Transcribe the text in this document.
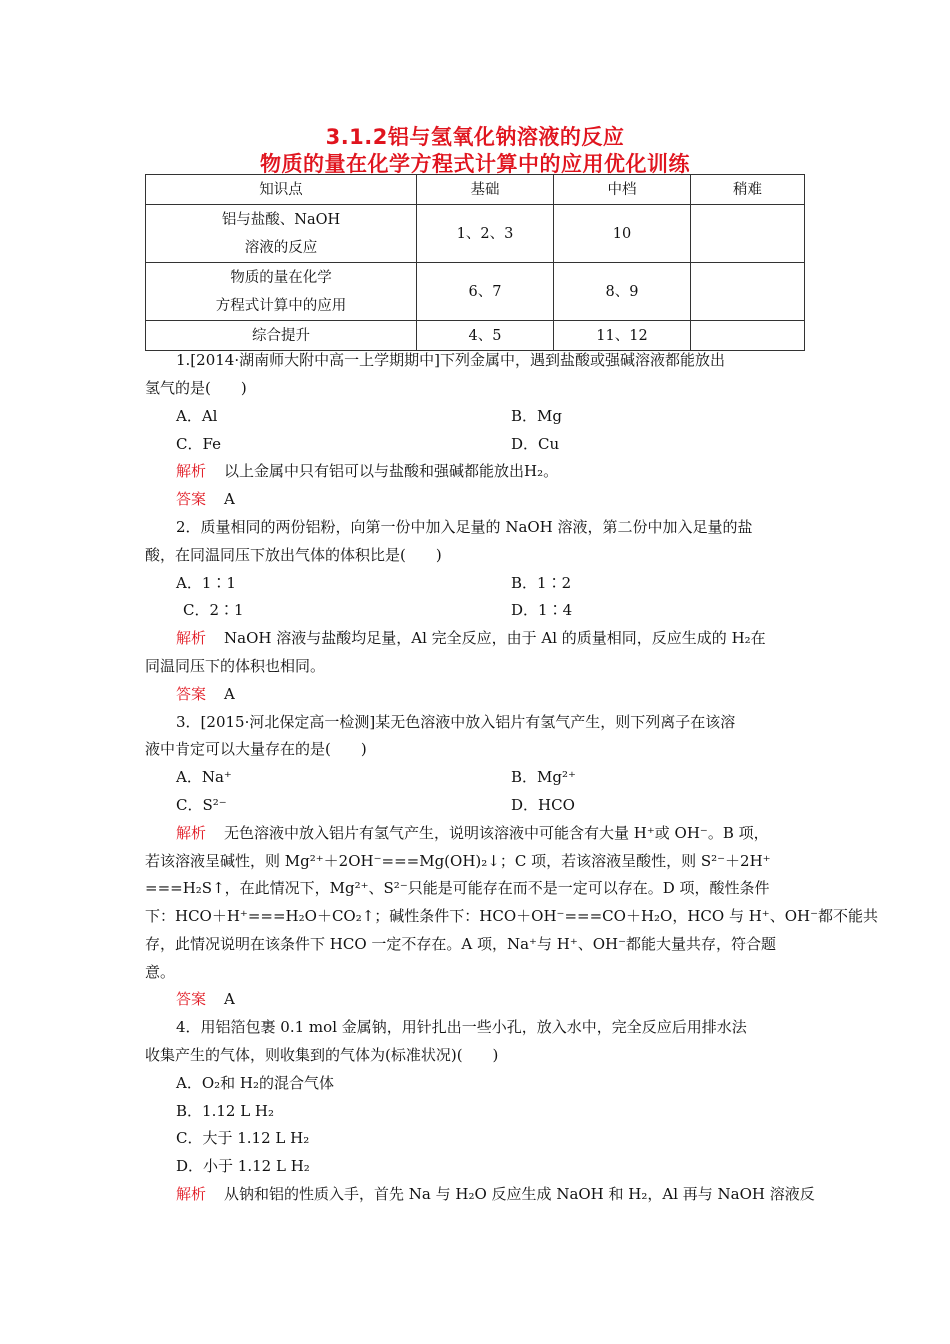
3.1.2铝与氢氧化钠溶液的反应
物质的量在化学方程式计算中的应用优化训练
知识点	基础	中档	稍难

铝与盐酸、NaOH
溶液的反应	1、2、3	10	

物质的量在化学
方程式计算中的应用	6、7	8、9	
综合提升	4、5	11、12	
1.[2014·湖南师大附中高一上学期期中]下列金属中，遇到盐酸或强碱溶液都能放出
氢气的是(　　)
A．Al	B．Mg
C．Fe	D．Cu
解析 以上金属中只有铝可以与盐酸和强碱都能放出H₂。
答案 A
2．质量相同的两份铝粉，向第一份中加入足量的 NaOH 溶液，第二份中加入足量的盐
酸，在同温同压下放出气体的体积比是(　　)
A．1∶1	B．1∶2
C．2∶1	D．1∶4
解析 NaOH 溶液与盐酸均足量，Al 完全反应，由于 Al 的质量相同，反应生成的 H₂在
同温同压下的体积也相同。
答案 A
3．[2015·河北保定高一检测]某无色溶液中放入铝片有氢气产生，则下列离子在该溶
液中肯定可以大量存在的是(　　)
A．Na⁺	B．Mg²⁺
C．S²⁻	D．HCO
解析 无色溶液中放入铝片有氢气产生，说明该溶液中可能含有大量 H⁺或 OH⁻。B 项，
若该溶液呈碱性，则 Mg²⁺＋2OH⁻===Mg(OH)₂↓；C 项，若该溶液呈酸性，则 S²⁻＋2H⁺
===H₂S↑，在此情况下，Mg²⁺、S²⁻只能是可能存在而不是一定可以存在。D 项，酸性条件
下：HCO＋H⁺===H₂O＋CO₂↑；碱性条件下：HCO＋OH⁻===CO＋H₂O，HCO 与 H⁺、OH⁻都不能共
存，此情况说明在该条件下 HCO 一定不存在。A 项，Na⁺与 H⁺、OH⁻都能大量共存，符合题
意。
答案 A
4．用铝箔包裹 0.1 mol 金属钠，用针扎出一些小孔，放入水中，完全反应后用排水法
收集产生的气体，则收集到的气体为(标准状况)(　　)
A．O₂和 H₂的混合气体
B．1.12 L H₂
C．大于 1.12 L H₂
D．小于 1.12 L H₂
解析 从钠和铝的性质入手，首先 Na 与 H₂O 反应生成 NaOH 和 H₂，Al 再与 NaOH 溶液反
